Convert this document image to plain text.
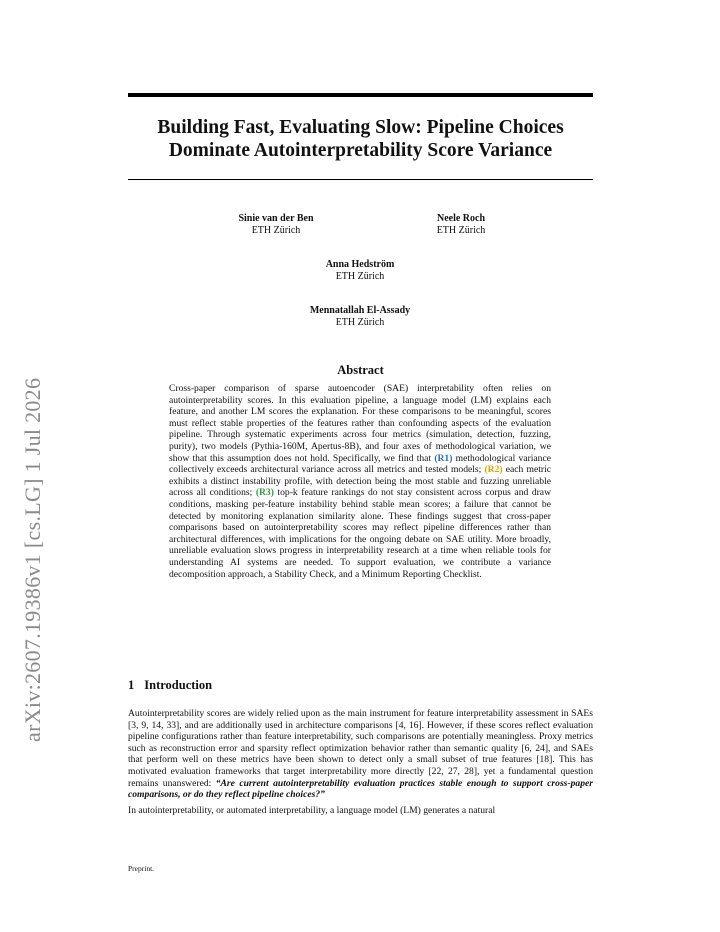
arXiv:2607.19386v1 [cs.LG] 1 Jul 2026
Building Fast, Evaluating Slow: Pipeline Choices
Dominate Autointerpretability Score Variance
Sinie van der Ben
ETH Zürich
Neele Roch
ETH Zürich
Anna Hedström
ETH Zürich
Mennatallah El-Assady
ETH Zürich
Abstract
Cross-paper comparison of sparse autoencoder (SAE) interpretability often relies on autointerpretability scores. In this evaluation pipeline, a language model (LM) explains each feature, and another LM scores the explanation. For these comparisons to be meaningful, scores must reflect stable properties of the features rather than confounding aspects of the evaluation pipeline. Through systematic experiments across four metrics (simulation, detection, fuzzing, purity), two models (Pythia-160M, Apertus-8B), and four axes of methodological variation, we show that this assumption does not hold. Specifically, we find that (R1) methodological variance collectively exceeds architectural variance across all metrics and tested models; (R2) each metric exhibits a distinct instability profile, with detection being the most stable and fuzzing unreliable across all conditions; (R3) top-k feature rankings do not stay consistent across corpus and draw conditions, masking per-feature instability behind stable mean scores; a failure that cannot be detected by monitoring explanation similarity alone. These findings suggest that cross-paper comparisons based on autointerpretability scores may reflect pipeline differences rather than architectural differences, with implications for the ongoing debate on SAE utility. More broadly, unreliable evaluation slows progress in interpretability research at a time when reliable tools for understanding AI systems are needed. To support evaluation, we contribute a variance decomposition approach, a Stability Check, and a Minimum Reporting Checklist.
1 Introduction

Autointerpretability scores are widely relied upon as the main instrument for feature interpretability assessment in SAEs [3, 9, 14, 33], and are additionally used in architecture comparisons [4, 16]. However, if these scores reflect evaluation pipeline configurations rather than feature interpretability, such comparisons are potentially meaningless. Proxy metrics such as reconstruction error and sparsity reflect optimization behavior rather than semantic quality [6, 24], and SAEs that perform well on these metrics have been shown to detect only a small subset of true features [18]. This has motivated evaluation frameworks that target interpretability more directly [22, 27, 28], yet a fundamental question remains unanswered: “Are current autointerpretability evaluation practices stable enough to support cross-paper comparisons, or do they reflect pipeline choices?”

In autointerpretability, or automated interpretability, a language model (LM) generates a natural

Preprint.
